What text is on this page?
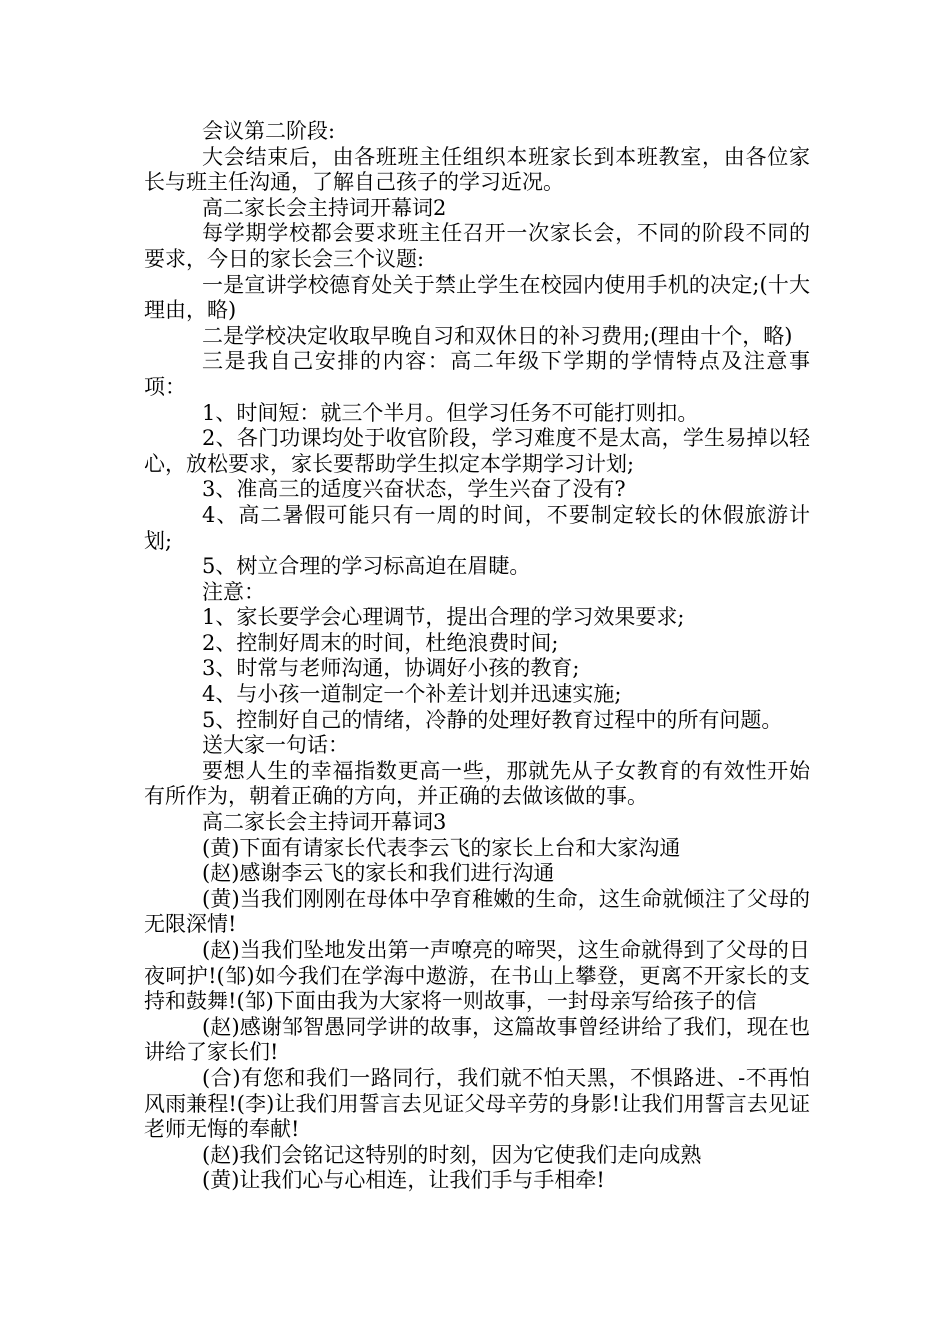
会议第二阶段:

大会结束后，由各班班主任组织本班家长到本班教室，由各位家长与班主任沟通，了解自己孩子的学习近况。

高二家长会主持词开幕词2

每学期学校都会要求班主任召开一次家长会，不同的阶段不同的要求，今日的家长会三个议题:

一是宣讲学校德育处关于禁止学生在校园内使用手机的决定;(十大理由，略)

二是学校决定收取早晚自习和双休日的补习费用;(理由十个，略)

三是我自己安排的内容：高二年级下学期的学情特点及注意事项：

1、时间短：就三个半月。但学习任务不可能打则扣。

2、各门功课均处于收官阶段，学习难度不是太高，学生易掉以轻心，放松要求，家长要帮助学生拟定本学期学习计划;

3、准高三的适度兴奋状态，学生兴奋了没有?

4、高二暑假可能只有一周的时间，不要制定较长的休假旅游计划;

5、树立合理的学习标高迫在眉睫。

注意：

1、家长要学会心理调节，提出合理的学习效果要求;

2、控制好周末的时间，杜绝浪费时间;

3、时常与老师沟通，协调好小孩的教育;

4、与小孩一道制定一个补差计划并迅速实施;

5、控制好自己的情绪，冷静的处理好教育过程中的所有问题。

送大家一句话：

要想人生的幸福指数更高一些，那就先从子女教育的有效性开始有所作为，朝着正确的方向，并正确的去做该做的事。

高二家长会主持词开幕词3

(黄)下面有请家长代表李云飞的家长上台和大家沟通

(赵)感谢李云飞的家长和我们进行沟通

(黄)当我们刚刚在母体中孕育稚嫩的生命，这生命就倾注了父母的无限深情!

(赵)当我们坠地发出第一声嘹亮的啼哭，这生命就得到了父母的日夜呵护!(邹)如今我们在学海中遨游，在书山上攀登，更离不开家长的支持和鼓舞!(邹)下面由我为大家将一则故事，一封母亲写给孩子的信

(赵)感谢邹智愚同学讲的故事，这篇故事曾经讲给了我们，现在也讲给了家长们!

(合)有您和我们一路同行，我们就不怕天黑，不惧路进、-不再怕风雨兼程!(李)让我们用誓言去见证父母辛劳的身影!让我们用誓言去见证老师无悔的奉献!

(赵)我们会铭记这特别的时刻，因为它使我们走向成熟

(黄)让我们心与心相连，让我们手与手相牵!
